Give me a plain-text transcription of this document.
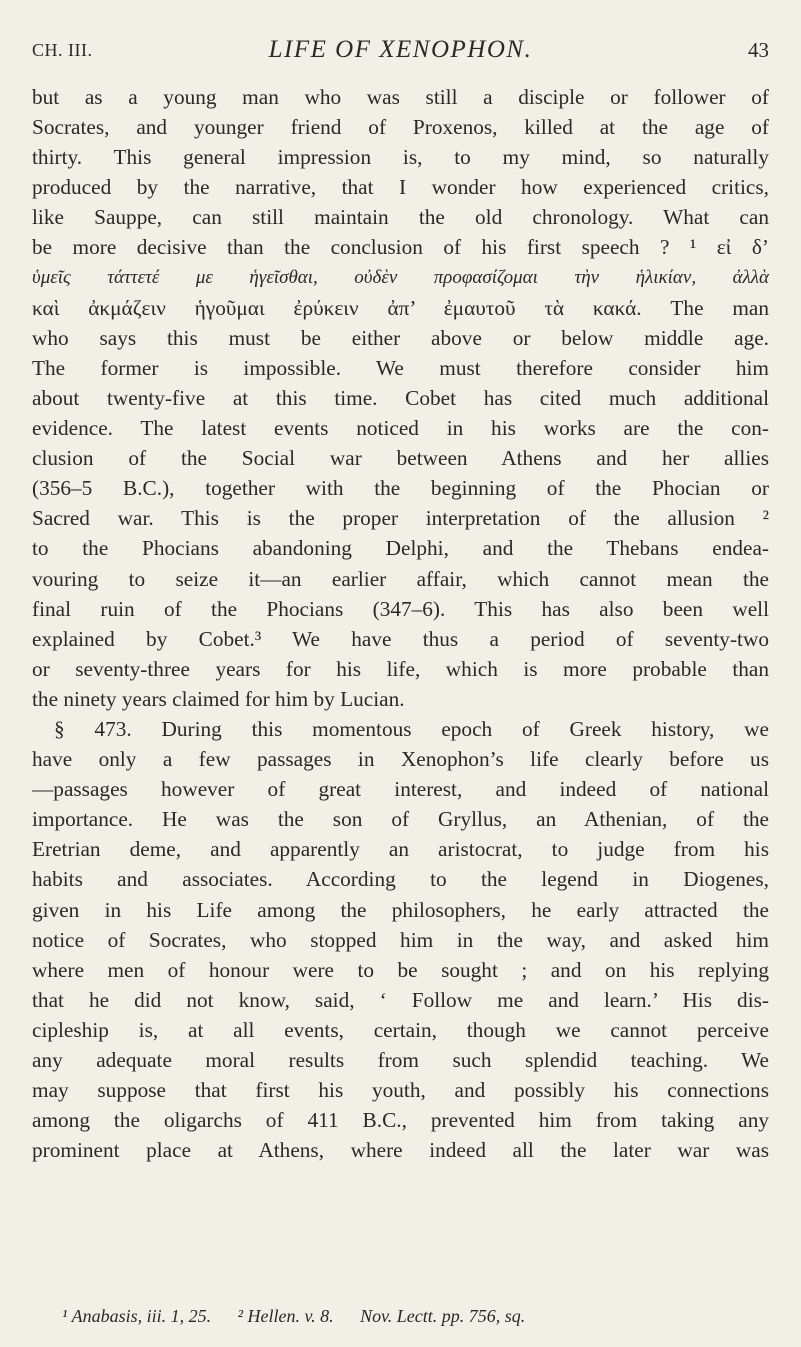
CH. III.	LIFE OF XENOPHON.	43
but as a young man who was still a disciple or follower of
Socrates, and younger friend of Proxenos, killed at the age of
thirty. This general impression is, to my mind, so naturally
produced by the narrative, that I wonder how experienced critics,
like Sauppe, can still maintain the old chronology. What can
be more decisive than the conclusion of his first speech ? ¹ εἰ δ’
ὑμεῖς τάττετέ με ἡγεῖσθαι, οὐδὲν προφασίζομαι τὴν ἡλικίαν, ἀλλὰ
καὶ ἀκμάζειν ἡγοῦμαι ἐρύκειν ἀπ’ ἐμαυτοῦ τὰ κακά. The man
who says this must be either above or below middle age.
The former is impossible. We must therefore consider him
about twenty-five at this time. Cobet has cited much additional
evidence. The latest events noticed in his works are the con-
clusion of the Social war between Athens and her allies
(356–5 B.C.), together with the beginning of the Phocian or
Sacred war. This is the proper interpretation of the allusion ²
to the Phocians abandoning Delphi, and the Thebans endea-
vouring to seize it—an earlier affair, which cannot mean the
final ruin of the Phocians (347–6). This has also been well
explained by Cobet.³ We have thus a period of seventy-two
or seventy-three years for his life, which is more probable than
the ninety years claimed for him by Lucian.
§ 473. During this momentous epoch of Greek history, we
have only a few passages in Xenophon’s life clearly before us
—passages however of great interest, and indeed of national
importance. He was the son of Gryllus, an Athenian, of the
Eretrian deme, and apparently an aristocrat, to judge from his
habits and associates. According to the legend in Diogenes,
given in his Life among the philosophers, he early attracted the
notice of Socrates, who stopped him in the way, and asked him
where men of honour were to be sought ; and on his replying
that he did not know, said, ‘ Follow me and learn.’ His dis-
cipleship is, at all events, certain, though we cannot perceive
any adequate moral results from such splendid teaching. We
may suppose that first his youth, and possibly his connections
among the oligarchs of 411 B.C., prevented him from taking any
prominent place at Athens, where indeed all the later war was
¹ Anabasis, iii. 1, 25. ² Hellen. v. 8. Nov. Lectt. pp. 756, sq.
